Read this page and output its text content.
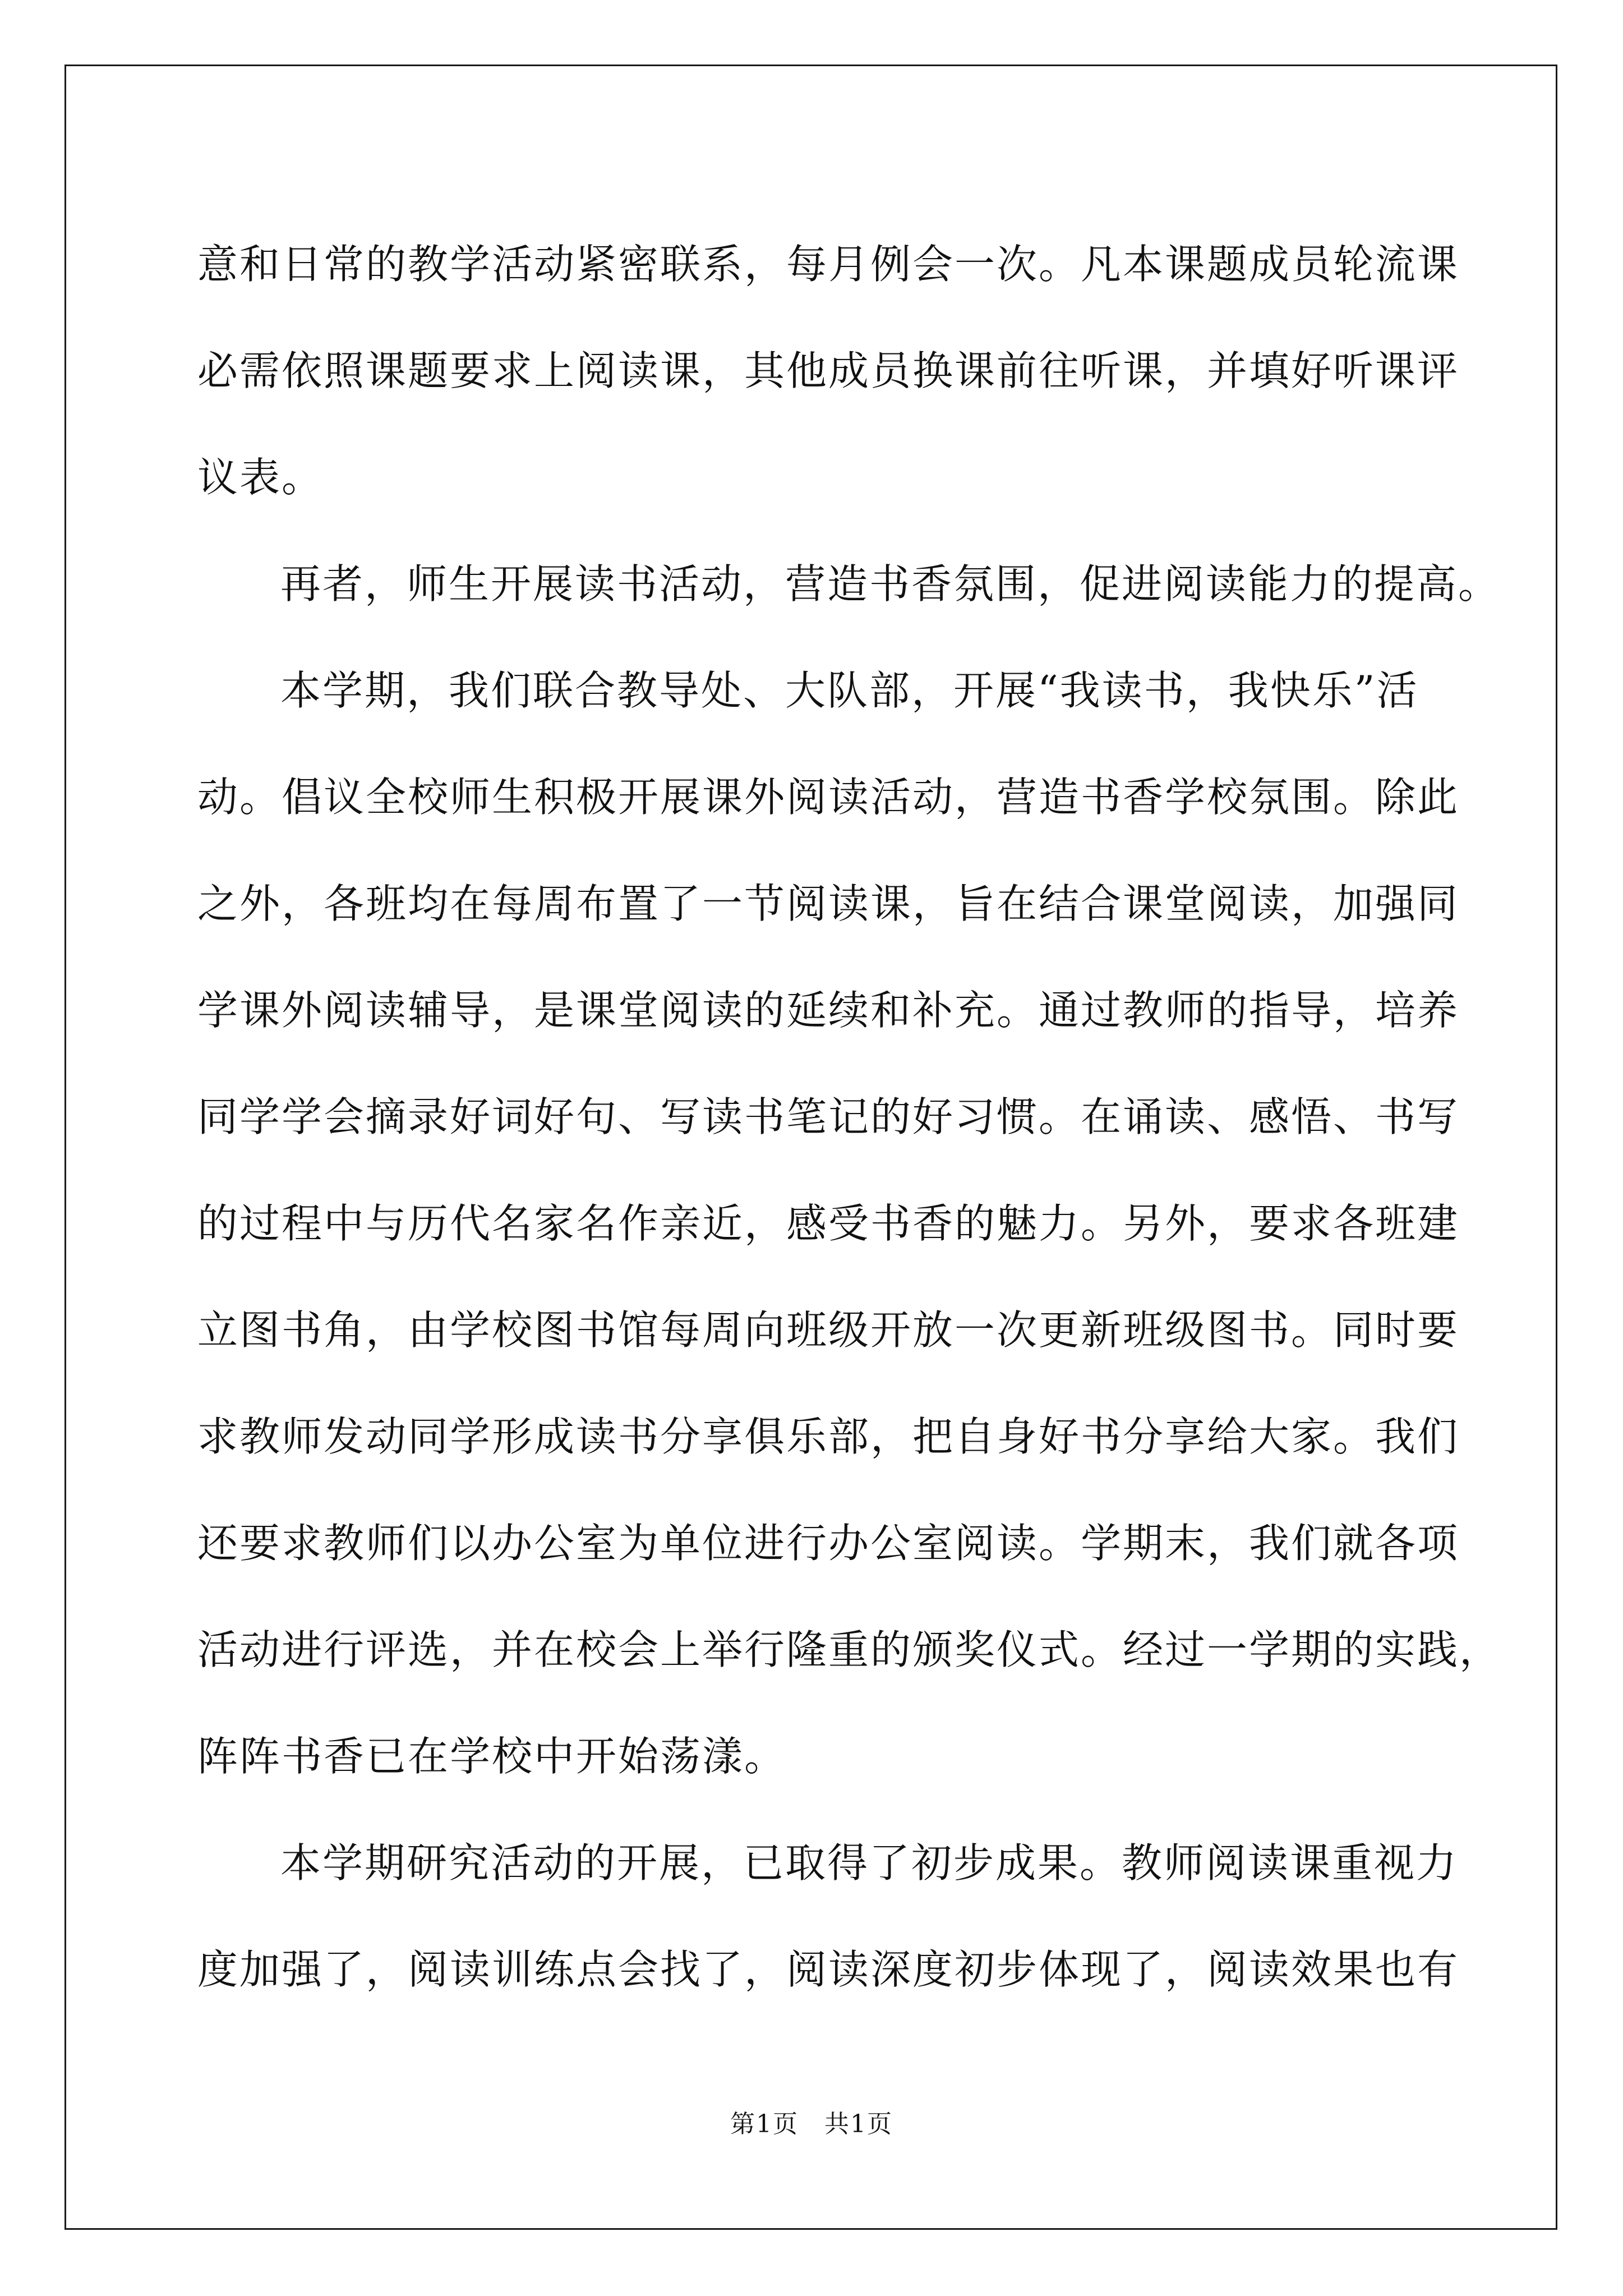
意和日常的教学活动紧密联系，每月例会一次。凡本课题成员轮流课
必需依照课题要求上阅读课，其他成员换课前往听课，并填好听课评
议表。
再者，师生开展读书活动，营造书香氛围，促进阅读能力的提高。
本学期，我们联合教导处、大队部，开展“我读书，我快乐”活
动。倡议全校师生积极开展课外阅读活动，营造书香学校氛围。除此
之外，各班均在每周布置了一节阅读课，旨在结合课堂阅读，加强同
学课外阅读辅导，是课堂阅读的延续和补充。通过教师的指导，培养
同学学会摘录好词好句、写读书笔记的好习惯。在诵读、感悟、书写
的过程中与历代名家名作亲近，感受书香的魅力。另外，要求各班建
立图书角，由学校图书馆每周向班级开放一次更新班级图书。同时要
求教师发动同学形成读书分享俱乐部，把自身好书分享给大家。我们
还要求教师们以办公室为单位进行办公室阅读。学期末，我们就各项
活动进行评选，并在校会上举行隆重的颁奖仪式。经过一学期的实践，
阵阵书香已在学校中开始荡漾。
本学期研究活动的开展，已取得了初步成果。教师阅读课重视力
度加强了，阅读训练点会找了，阅读深度初步体现了，阅读效果也有
第1页　共1页
